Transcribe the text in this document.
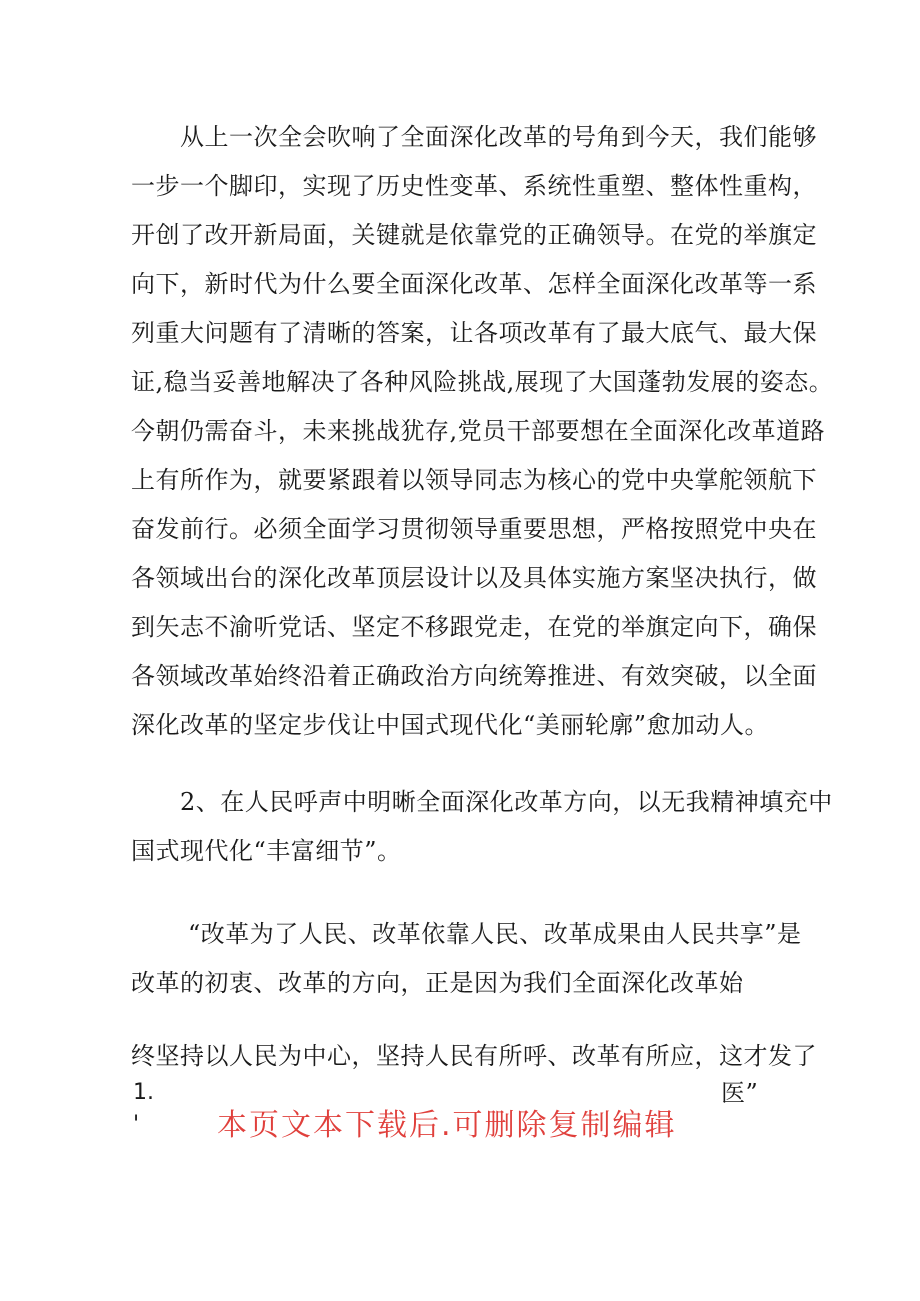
从上一次全会吹响了全面深化改革的号角到今天，我们能够
一步一个脚印，实现了历史性变革、系统性重塑、整体性重构，
开创了改开新局面，关键就是依靠党的正确领导。在党的举旗定
向下，新时代为什么要全面深化改革、怎样全面深化改革等一系
列重大问题有了清晰的答案，让各项改革有了最大底气、最大保
证,稳当妥善地解决了各种风险挑战,展现了大国蓬勃发展的姿态。
今朝仍需奋斗，未来挑战犹存,党员干部要想在全面深化改革道路
上有所作为，就要紧跟着以领导同志为核心的党中央掌舵领航下
奋发前行。必须全面学习贯彻领导重要思想，严格按照党中央在
各领域出台的深化改革顶层设计以及具体实施方案坚决执行，做
到矢志不渝听党话、坚定不移跟党走，在党的举旗定向下，确保
各领域改革始终沿着正确政治方向统筹推进、有效突破，以全面
深化改革的坚定步伐让中国式现代化“美丽轮廓”愈加动人。
2、在人民呼声中明晰全面深化改革方向，以无我精神填充中
国式现代化“丰富细节”。
“改革为了人民、改革依靠人民、改革成果由人民共享”是
改革的初衷、改革的方向，正是因为我们全面深化改革始
终坚持以人民为中心，坚持人民有所呼、改革有所应，这才发了
1.	医”
'	本页文本下载后.可删除复制编辑
